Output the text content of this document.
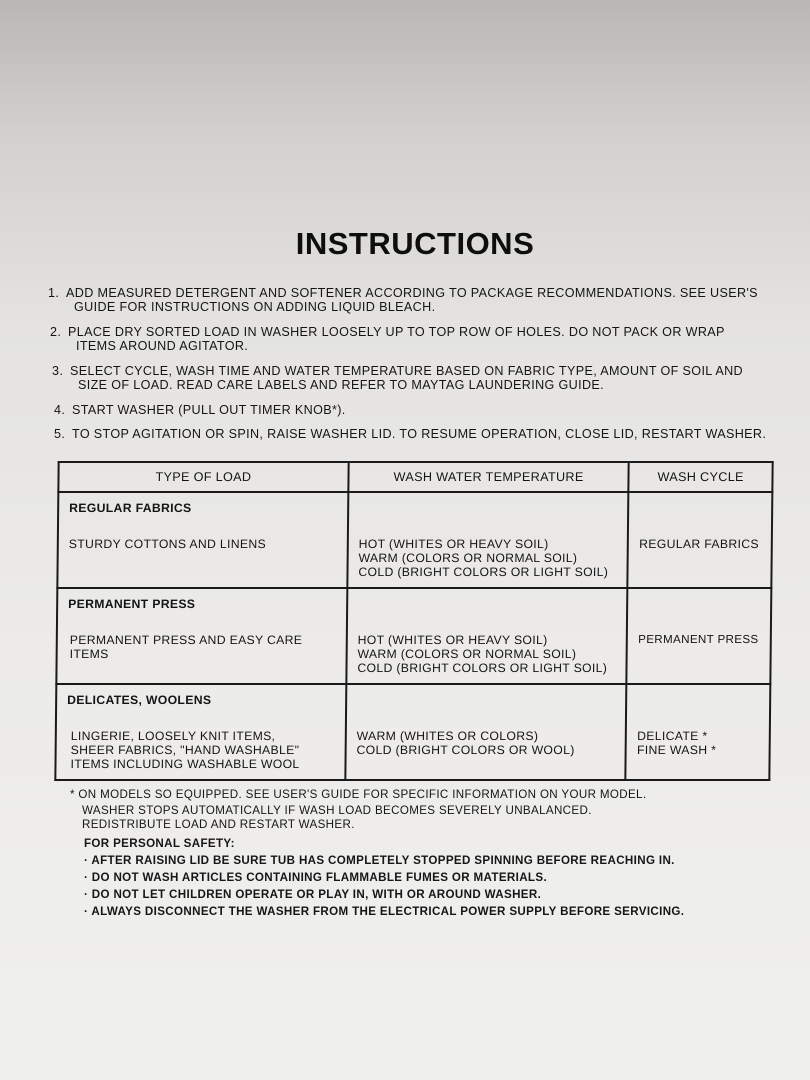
INSTRUCTIONS
1. ADD MEASURED DETERGENT AND SOFTENER ACCORDING TO PACKAGE RECOMMENDATIONS. SEE USER'S
GUIDE FOR INSTRUCTIONS ON ADDING LIQUID BLEACH.
2. PLACE DRY SORTED LOAD IN WASHER LOOSELY UP TO TOP ROW OF HOLES. DO NOT PACK OR WRAP
ITEMS AROUND AGITATOR.
3. SELECT CYCLE, WASH TIME AND WATER TEMPERATURE BASED ON FABRIC TYPE, AMOUNT OF SOIL AND
SIZE OF LOAD. READ CARE LABELS AND REFER TO MAYTAG LAUNDERING GUIDE.
4. START WASHER (PULL OUT TIMER KNOB*).
5. TO STOP AGITATION OR SPIN, RAISE WASHER LID. TO RESUME OPERATION, CLOSE LID, RESTART WASHER.
TYPE OF LOAD	WASH WATER TEMPERATURE	WASH CYCLE

REGULAR FABRICS
STURDY COTTONS AND LINENS	HOT (WHITES OR HEAVY SOIL)
WARM (COLORS OR NORMAL SOIL)
COLD (BRIGHT COLORS OR LIGHT SOIL)	REGULAR FABRICS

PERMANENT PRESS
PERMANENT PRESS AND EASY CARE ITEMS	HOT (WHITES OR HEAVY SOIL)
WARM (COLORS OR NORMAL SOIL)
COLD (BRIGHT COLORS OR LIGHT SOIL)	PERMANENT PRESS

DELICATES, WOOLENS
LINGERIE, LOOSELY KNIT ITEMS, SHEER FABRICS, "HAND WASHABLE" ITEMS INCLUDING WASHABLE WOOL	WARM (WHITES OR COLORS)
COLD (BRIGHT COLORS OR WOOL)	DELICATE *
FINE WASH *
* ON MODELS SO EQUIPPED. SEE USER'S GUIDE FOR SPECIFIC INFORMATION ON YOUR MODEL.
WASHER STOPS AUTOMATICALLY IF WASH LOAD BECOMES SEVERELY UNBALANCED.
REDISTRIBUTE LOAD AND RESTART WASHER.
FOR PERSONAL SAFETY:
· AFTER RAISING LID BE SURE TUB HAS COMPLETELY STOPPED SPINNING BEFORE REACHING IN.
· DO NOT WASH ARTICLES CONTAINING FLAMMABLE FUMES OR MATERIALS.
· DO NOT LET CHILDREN OPERATE OR PLAY IN, WITH OR AROUND WASHER.
· ALWAYS DISCONNECT THE WASHER FROM THE ELECTRICAL POWER SUPPLY BEFORE SERVICING.
